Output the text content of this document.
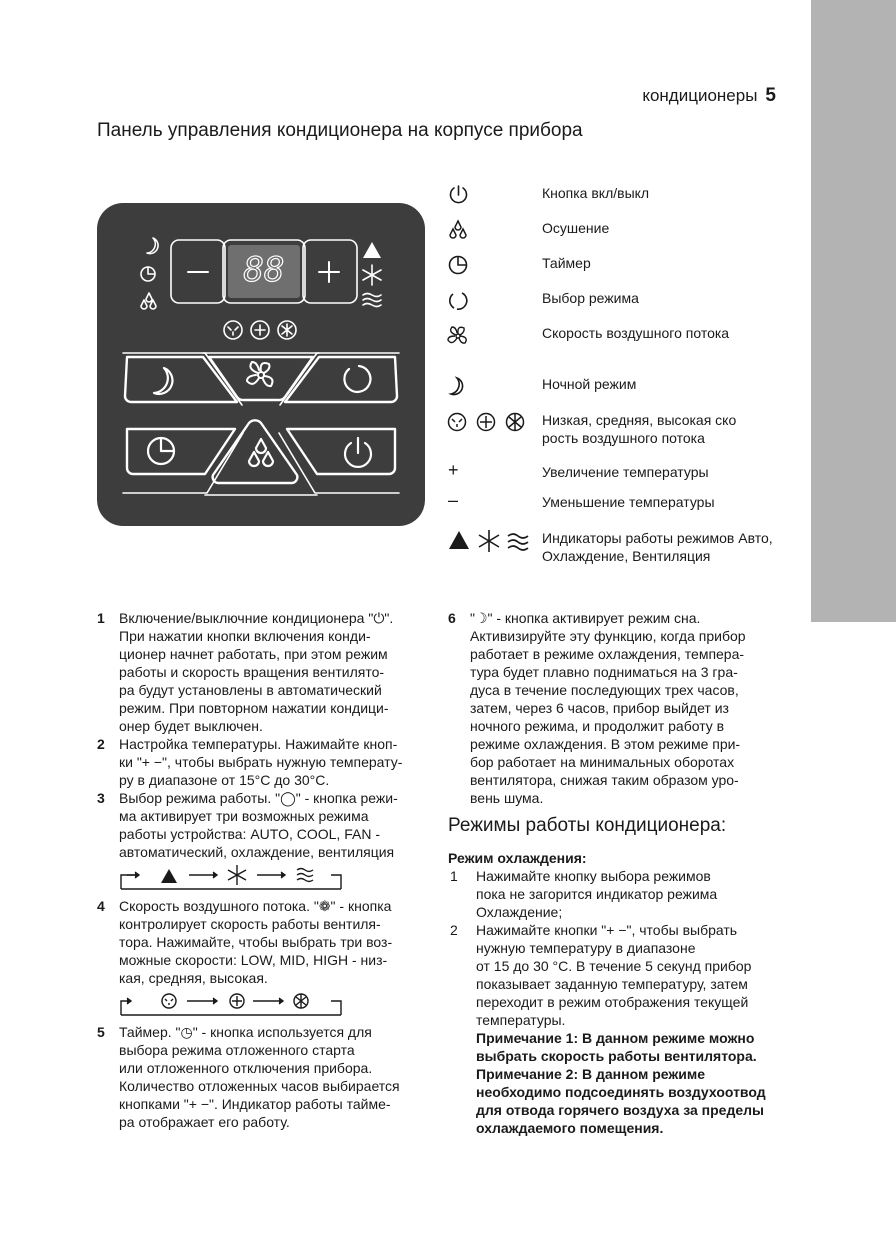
кондиционеры 5
Панель управления кондиционера на корпусе прибора
88
Кнопка вкл/выкл
Осушение
Таймер
Выбор режима
Скорость воздушного потока
Ночной режим
Низкая, средняя, высокая ско рость воздушного потока
+	Увеличение температуры
–	Уменьшение температуры
Индикаторы работы режимов Авто, Охлаждение, Вентиляция
1 Включение/выключние кондиционера "⏻".
При нажатии кнопки включения конди-
ционер начнет работать, при этом режим
работы и скорость вращения вентилято-
ра будут установлены в автоматический
режим. При повторном нажатии кондици-
онер будет выключен.
2 Настройка температуры. Нажимайте кноп-
ки "+ −", чтобы выбрать нужную температу-
ру в диапазоне от 15°C до 30°C.
3 Выбор режима работы. "◯" - кнопка режи-
ма активирует три возможных режима
работы устройства: AUTO, COOL, FAN -
автоматический, охлаждение, вентиляция
4 Скорость воздушного потока. "❁" - кнопка
контролирует скорость работы вентиля-
тора. Нажимайте, чтобы выбрать три воз-
можные скорости: LOW, MID, HIGH - низ-
кая, средняя, высокая.
5 Таймер. "◷" - кнопка используется для
выбора режима отложенного старта
или отложенного отключения прибора.
Количество отложенных часов выбирается
кнопками "+ −". Индикатор работы тайме-
ра отображает его работу.
6 "☽" - кнопка активирует режим сна.
Активизируйте эту функцию, когда прибор
работает в режиме охлаждения, темпера-
тура будет плавно подниматься на 3 гра-
дуса в течение последующих трех часов,
затем, через 6 часов, прибор выйдет из
ночного режима, и продолжит работу в
режиме охлаждения. В этом режиме при-
бор работает на минимальных оборотах
вентилятора, снижая таким образом уро-
вень шума.
Режимы работы кондиционера:
Режим охлаждения:
1 Нажимайте кнопку выбора режимов
пока не загорится индикатор режима
Охлаждение;
2 Нажимайте кнопки "+ −", чтобы выбрать
нужную температуру в диапазоне
от 15 до 30 °C. В течение 5 секунд прибор
показывает заданную температуру, затем
переходит в режим отображения текущей
температуры.
Примечание 1: В данном режиме можно
выбрать скорость работы вентилятора.
Примечание 2: В данном режиме
необходимо подсоединять воздухоотвод
для отвода горячего воздуха за пределы
охлаждаемого помещения.
